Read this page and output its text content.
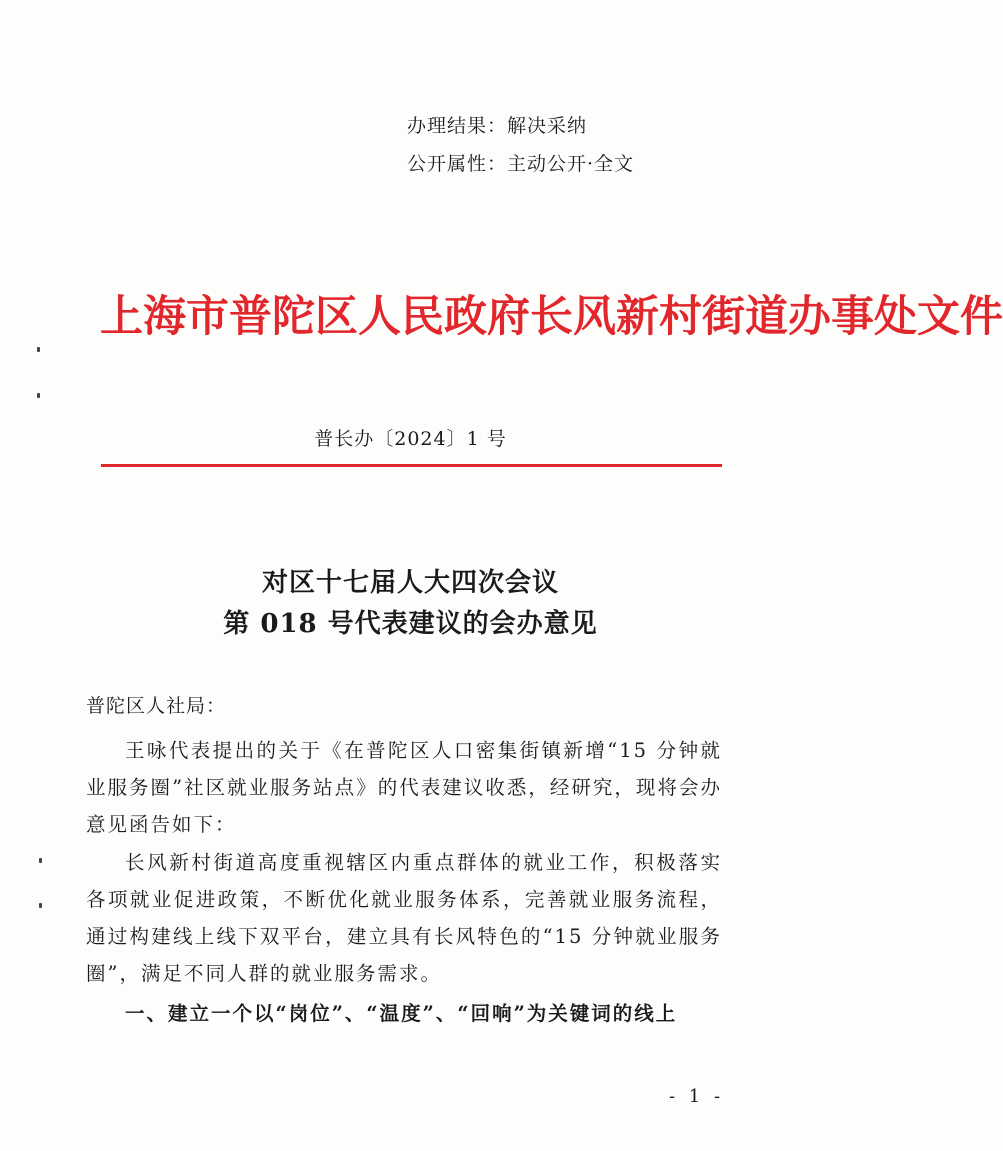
办理结果：解决采纳
公开属性：主动公开·全文
上海市普陀区人民政府长风新村街道办事处文件
普长办〔2024〕1 号
对区十七届人大四次会议
第 018 号代表建议的会办意见
普陀区人社局：

王咏代表提出的关于《在普陀区人口密集街镇新增“15 分钟就业服务圈”社区就业服务站点》的代表建议收悉，经研究，现将会办意见函告如下：

长风新村街道高度重视辖区内重点群体的就业工作，积极落实各项就业促进政策，不断优化就业服务体系，完善就业服务流程，通过构建线上线下双平台，建立具有长风特色的“15 分钟就业服务圈”，满足不同人群的就业服务需求。

一、建立一个以“岗位”、“温度”、“回响”为关键词的线上

- 1 -
